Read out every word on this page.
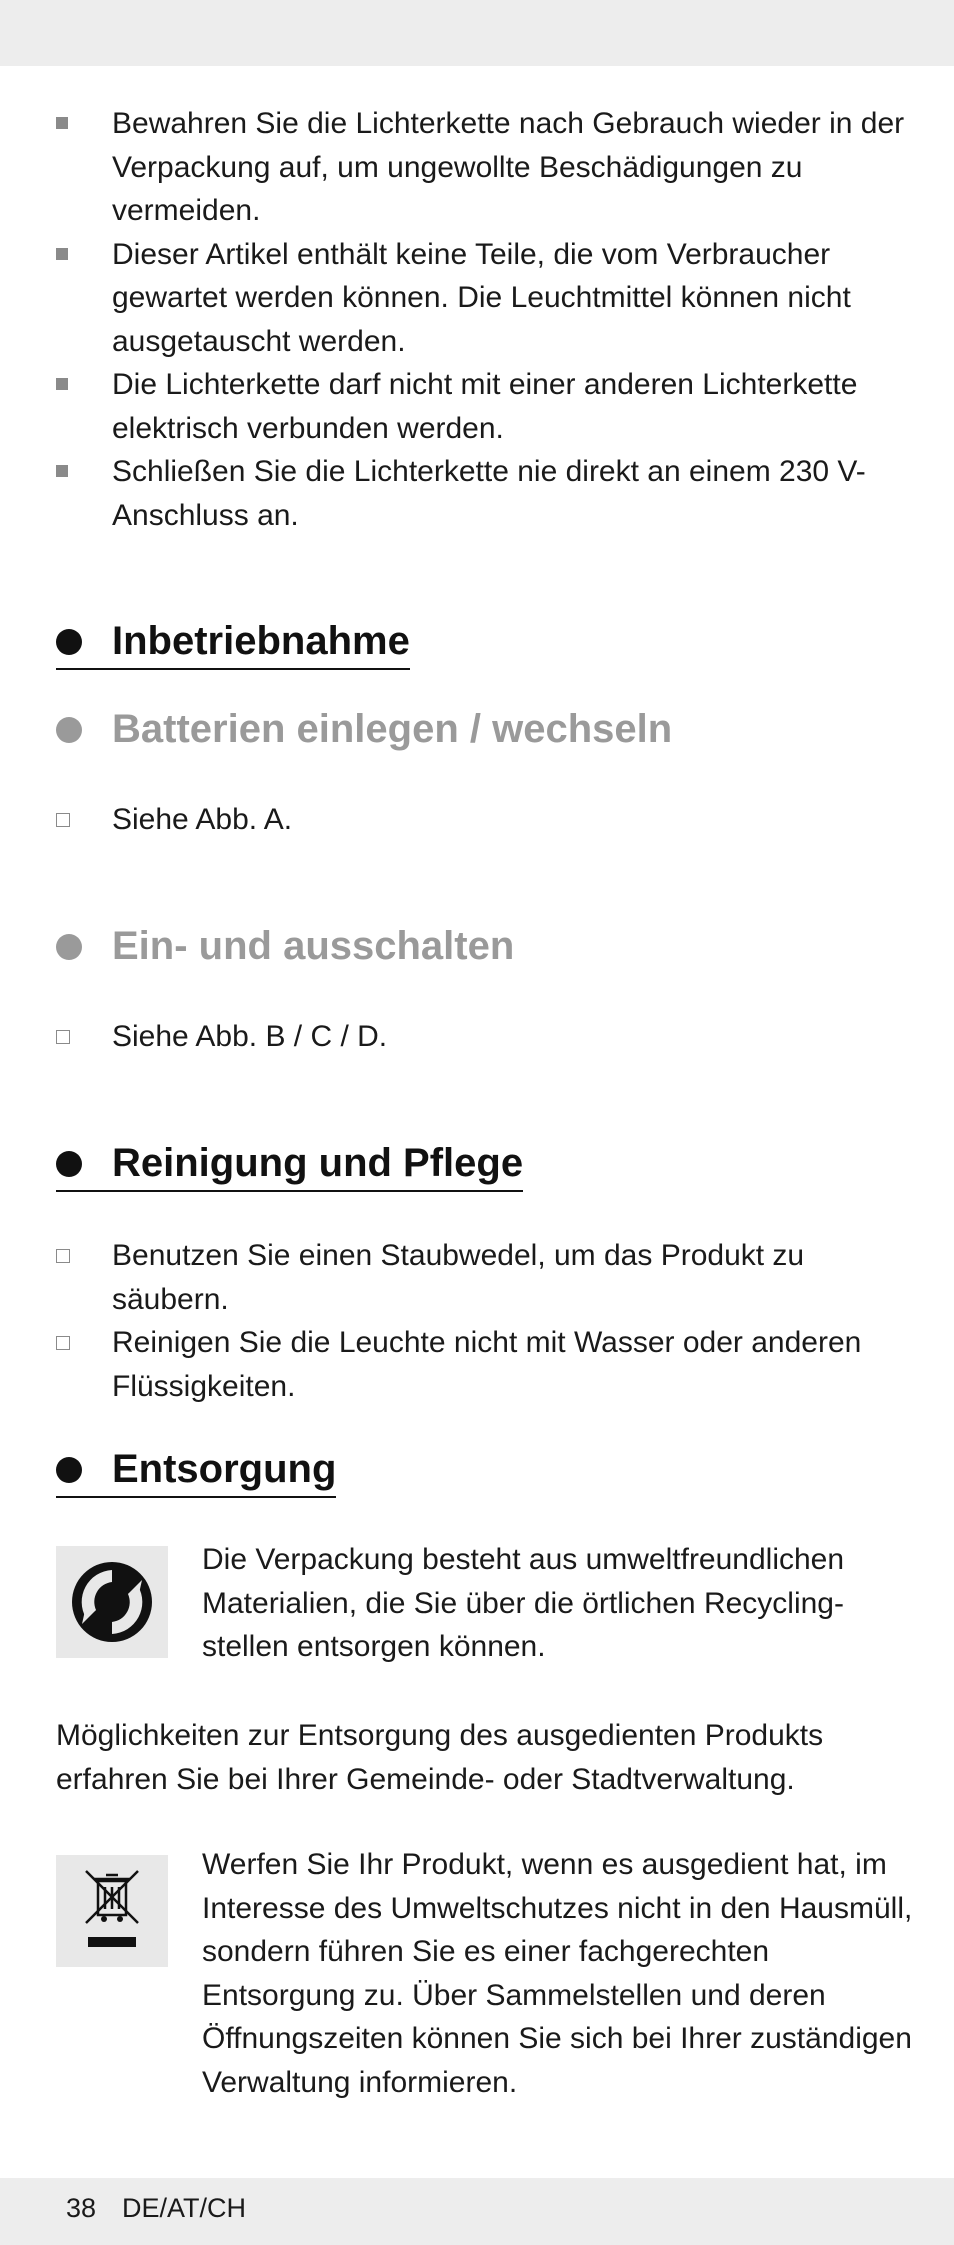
Bewahren Sie die Lichterkette nach Gebrauch wieder in der Verpackung auf, um ungewollte Beschädigungen zu vermeiden.
Dieser Artikel enthält keine Teile, die vom Verbraucher gewartet werden können. Die Leuchtmittel können nicht ausgetauscht werden.
Die Lichterkette darf nicht mit einer anderen Lichterkette elektrisch verbunden werden.
Schließen Sie die Lichterkette nie direkt an einem 230 V-Anschluss an.
Inbetriebnahme
Batterien einlegen / wechseln
Siehe Abb. A.
Ein- und ausschalten
Siehe Abb. B / C / D.
Reinigung und Pflege
Benutzen Sie einen Staubwedel, um das Produkt zu säubern.
Reinigen Sie die Leuchte nicht mit Wasser oder anderen Flüssigkeiten.
Entsorgung
Die Verpackung besteht aus umweltfreundlichen Materialien, die Sie über die örtlichen Recycling-stellen entsorgen können.
Möglichkeiten zur Entsorgung des ausgedienten Produkts erfahren Sie bei Ihrer Gemeinde- oder Stadtverwaltung.
Werfen Sie Ihr Produkt, wenn es ausgedient hat, im Interesse des Umweltschutzes nicht in den Hausmüll, sondern führen Sie es einer fachgerechten Entsorgung zu. Über Sammelstellen und deren Öffnungszeiten können Sie sich bei Ihrer zuständigen Verwaltung informieren.
38 DE/AT/CH
